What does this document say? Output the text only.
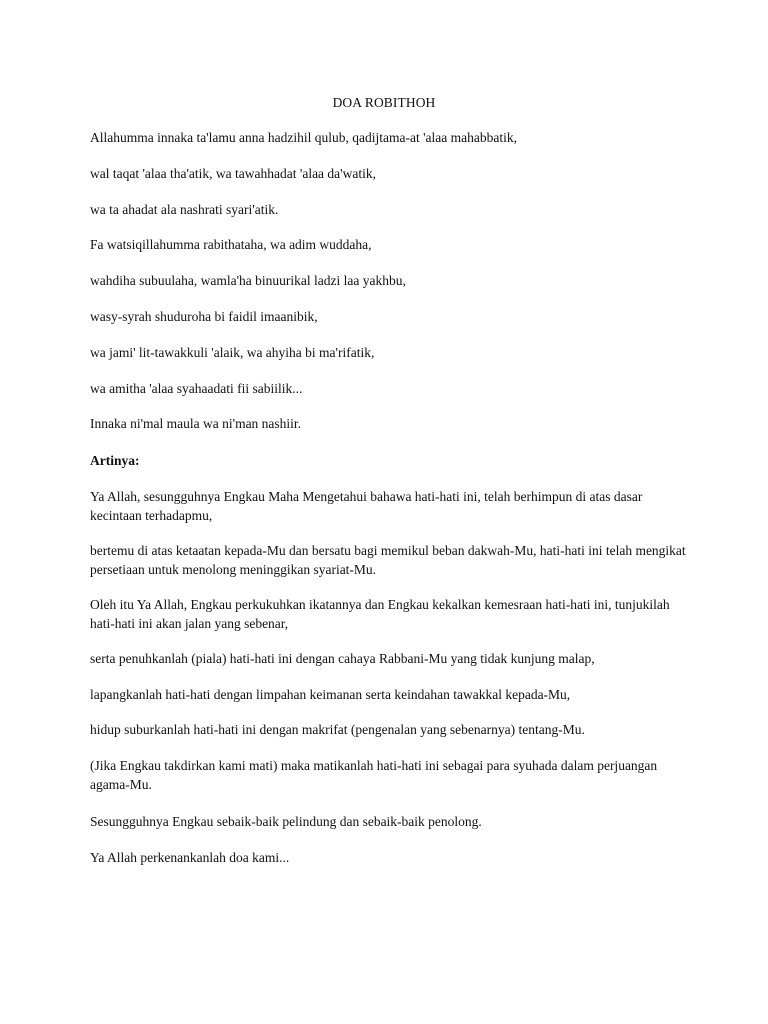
DOA ROBITHOH

Allahumma innaka ta'lamu anna hadzihil qulub, qadijtama-at 'alaa mahabbatik,

wal taqat 'alaa tha'atik, wa tawahhadat 'alaa da'watik,

wa ta ahadat ala nashrati syari'atik.

Fa watsiqillahumma rabithataha, wa adim wuddaha,

wahdiha subuulaha, wamla'ha binuurikal ladzi laa yakhbu,

wasy-syrah shuduroha bi faidil imaanibik,

wa jami' lit-tawakkuli 'alaik, wa ahyiha bi ma'rifatik,

wa amitha 'alaa syahaadati fii sabiilik...

Innaka ni'mal maula wa ni'man nashiir.

Artinya:

Ya Allah, sesungguhnya Engkau Maha Mengetahui bahawa hati-hati ini, telah berhimpun di atas dasar kecintaan terhadapmu,

bertemu di atas ketaatan kepada-Mu dan bersatu bagi memikul beban dakwah-Mu, hati-hati ini telah mengikat persetiaan untuk menolong meninggikan syariat-Mu.

Oleh itu Ya Allah, Engkau perkukuhkan ikatannya dan Engkau kekalkan kemesraan hati-hati ini, tunjukilah hati-hati ini akan jalan yang sebenar,

serta penuhkanlah (piala) hati-hati ini dengan cahaya Rabbani-Mu yang tidak kunjung malap,

lapangkanlah hati-hati dengan limpahan keimanan serta keindahan tawakkal kepada-Mu,

hidup suburkanlah hati-hati ini dengan makrifat (pengenalan yang sebenarnya) tentang-Mu.

(Jika Engkau takdirkan kami mati) maka matikanlah hati-hati ini sebagai para syuhada dalam perjuangan agama-Mu.

Sesungguhnya Engkau sebaik-baik pelindung dan sebaik-baik penolong.

Ya Allah perkenankanlah doa kami...
